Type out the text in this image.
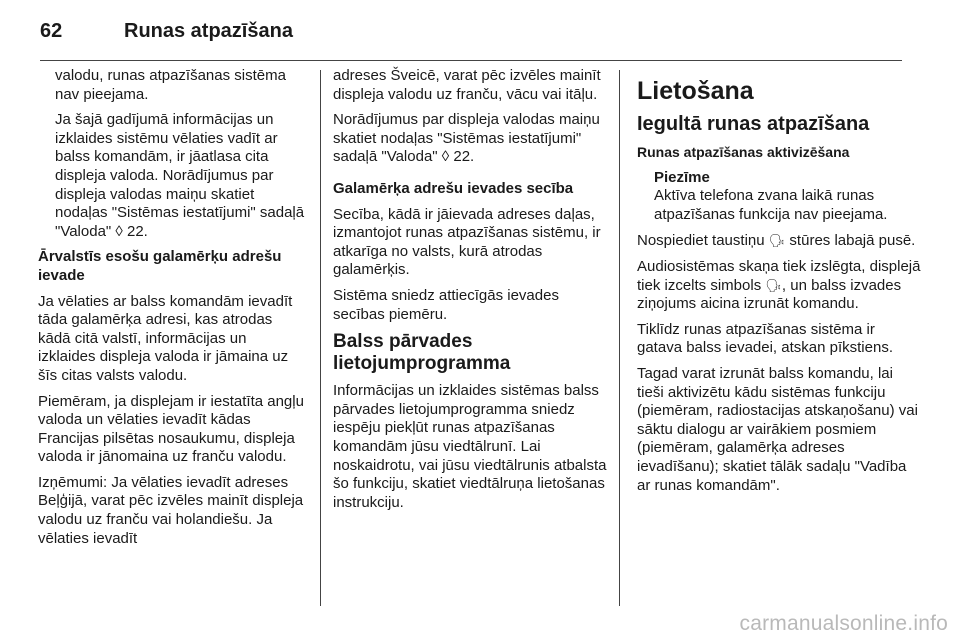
62	Runas atpazīšana

valodu, runas atpazīšanas sistēma nav pieejama.

Ja šajā gadījumā informācijas un izklaides sistēmu vēlaties vadīt ar balss komandām, ir jāatlasa cita displeja valoda. Norādījumus par displeja valodas maiņu skatiet nodaļas "Sistēmas iestatījumi" sadaļā "Valoda" ◊ 22.

Ārvalstīs esošu galamērķu adrešu ievade

Ja vēlaties ar balss komandām ievadīt tāda galamērķa adresi, kas atrodas kādā citā valstī, informācijas un izklaides displeja valoda ir jāmaina uz šīs citas valsts valodu.

Piemēram, ja displejam ir iestatīta angļu valoda un vēlaties ievadīt kādas Francijas pilsētas nosaukumu, displeja valoda ir jānomaina uz franču valodu.

Izņēmumi: Ja vēlaties ievadīt adreses Beļģijā, varat pēc izvēles mainīt displeja valodu uz franču vai holandiešu. Ja vēlaties ievadīt

adreses Šveicē, varat pēc izvēles mainīt displeja valodu uz franču, vācu vai itāļu.

Norādījumus par displeja valodas maiņu skatiet nodaļas "Sistēmas iestatījumi" sadaļā "Valoda" ◊ 22.

Galamērķa adrešu ievades secība

Secība, kādā ir jāievada adreses daļas, izmantojot runas atpazīšanas sistēmu, ir atkarīga no valsts, kurā atrodas galamērķis.

Sistēma sniedz attiecīgās ievades secības piemēru.

Balss pārvades lietojumprogramma

Informācijas un izklaides sistēmas balss pārvades lietojumprogramma sniedz iespēju piekļūt runas atpazīšanas komandām jūsu viedtālrunī. Lai noskaidrotu, vai jūsu viedtālrunis atbalsta šo funkciju, skatiet viedtālruņa lietošanas instrukciju.

Lietošana

Iegultā runas atpazīšana

Runas atpazīšanas aktivizēšana

Piezīme
Aktīva telefona zvana laikā runas atpazīšanas funkcija nav pieejama.

Nospiediet taustiņu 🗣︎ stūres labajā pusē.

Audiosistēmas skaņa tiek izslēgta, displejā tiek izcelts simbols 🗣︎, un balss izvades ziņojums aicina izrunāt komandu.

Tiklīdz runas atpazīšanas sistēma ir gatava balss ievadei, atskan pīkstiens.

Tagad varat izrunāt balss komandu, lai tieši aktivizētu kādu sistēmas funkciju (piemēram, radiostacijas atskaņošanu) vai sāktu dialogu ar vairākiem posmiem (piemēram, galamērķa adreses ievadīšanu); skatiet tālāk sadaļu "Vadība ar runas komandām".

carmanualsonline.info
